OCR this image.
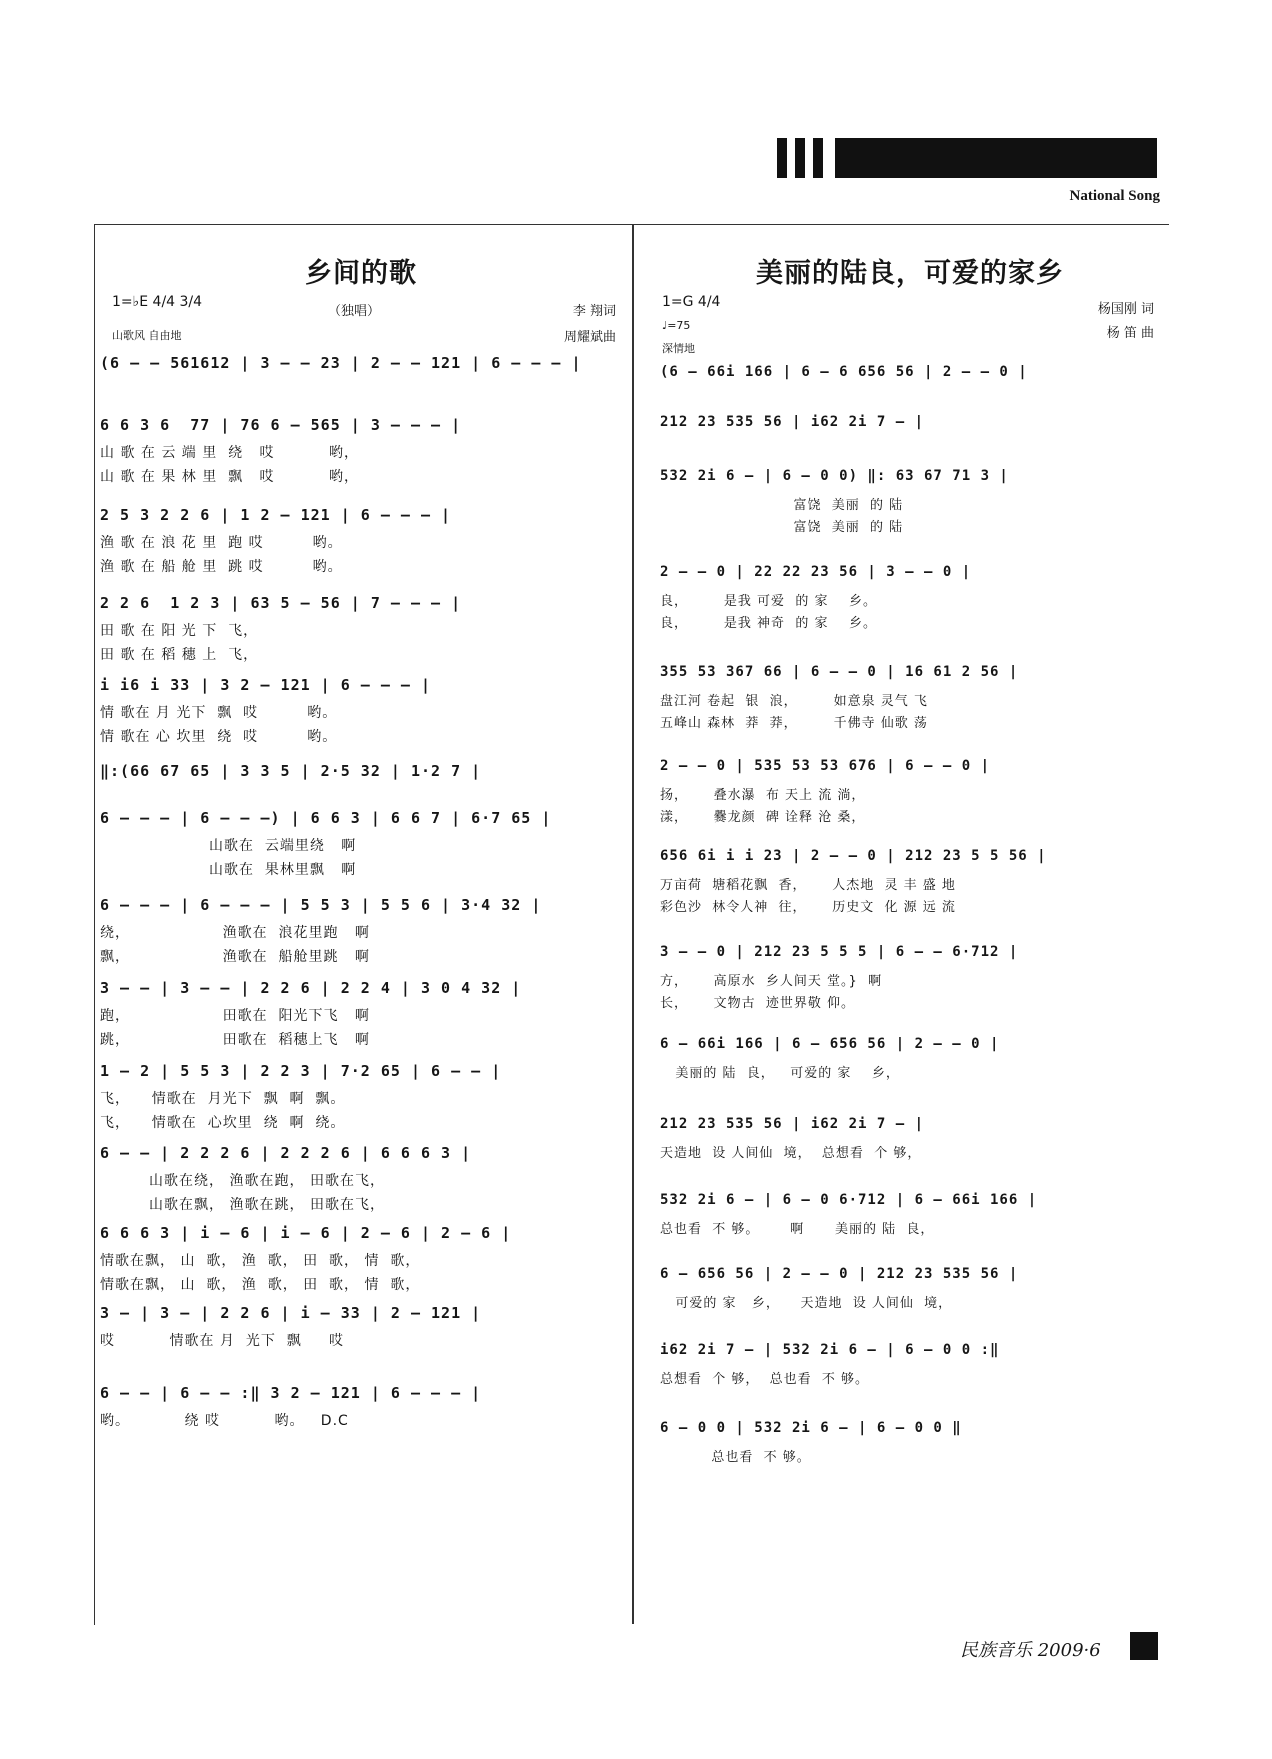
National Song
乡间的歌
1=♭E 4/4 3/4
（独唱）	李 翔词
山歌风 自由地	周耀斌曲
(6 — — 561612 | 3 — — 23 | 2 — — 121 | 6 — — — |
6 6 3 6  77 | 76 6 — 565 | 3 — — — |
山 歌 在 云 端 里  绕   哎          哟，
山 歌 在 果 林 里  飘   哎          哟，
2 5 3 2 2 6 | 1 2 — 121 | 6 — — — |
渔 歌 在 浪 花 里  跑 哎         哟。
渔 歌 在 船 舱 里  跳 哎         哟。
2 2 6  1 2 3 | 63 5 — 56 | 7 — — — |
田 歌 在 阳 光 下  飞，
田 歌 在 稻 穗 上  飞，
i i6 i 33 | 3 2 — 121 | 6 — — — |
情 歌在 月 光下  飘  哎         哟。
情 歌在 心 坎里  绕  哎         哟。
‖:(66 67 65 | 3 3 5 | 2·5 32 | 1·2 7 |
6 — — — | 6 — — —) | 6 6 3 | 6 6 7 | 6·7 65 |
山歌在  云端里绕   啊
山歌在  果林里飘   啊
6 — — — | 6 — — — | 5 5 3 | 5 5 6 | 3·4 32 |
绕，                 渔歌在  浪花里跑   啊
飘，                 渔歌在  船舱里跳   啊
3 — — | 3 — — | 2 2 6 | 2 2 4 | 3 0 4 32 |
跑，                 田歌在  阳光下飞   啊
跳，                 田歌在  稻穗上飞   啊
1 — 2 | 5 5 3 | 2 2 3 | 7·2 65 | 6 — — |
飞，    情歌在  月光下  飘  啊  飘。
飞，    情歌在  心坎里  绕  啊  绕。
6 — — | 2 2 2 6 | 2 2 2 6 | 6 6 6 3 |
山歌在绕， 渔歌在跑， 田歌在飞，
山歌在飘， 渔歌在跳， 田歌在飞，
6 6 6 3 | i — 6 | i — 6 | 2 — 6 | 2 — 6 |
情歌在飘， 山  歌， 渔  歌， 田  歌， 情  歌，
情歌在飘， 山  歌， 渔  歌， 田  歌， 情  歌，
3 — | 3 — | 2 2 6 | i — 33 | 2 — 121 |
哎          情歌在 月  光下  飘     哎
6 — — | 6 — — :‖ 3 2 — 121 | 6 — — — |
哟。          绕 哎          哟。   D.C
美丽的陆良，可爱的家乡
1=G 4/4	杨国刚 词
♩=75
杨 笛 曲
深情地
(6 — 66i 166 | 6 — 6 656 56 | 2 — — 0 |
212 23 535 56 | i62 2i 7 — |
532 2i 6 — | 6 — 0 0) ‖: 63 67 71 3 |
富饶  美丽  的 陆
富饶  美丽  的 陆
2 — — 0 | 22 22 23 56 | 3 — — 0 |
良，       是我 可爱  的 家    乡。
良，       是我 神奇  的 家    乡。
355 53 367 66 | 6 — — 0 | 16 61 2 56 |
盘江河 卷起  银  浪，       如意泉 灵气 飞
五峰山 森林  莽  莽，       千佛寺 仙歌 荡
2 — — 0 | 535 53 53 676 | 6 — — 0 |
扬，     叠水瀑  布 天上 流 淌，
漾，     爨龙颜  碑 诠释 沧 桑，
656 6i i i 23 | 2 — — 0 | 212 23 5 5 56 |
万亩荷  塘稻花飘  香，     人杰地  灵 丰 盛 地
彩色沙  林令人神  往，     历史文  化 源 远 流
3 — — 0 | 212 23 5 5 5 | 6 — — 6·712 |
方，     高原水  乡人间天 堂。}  啊
长，     文物古  迹世界敬 仰。
6 — 66i 166 | 6 — 656 56 | 2 — — 0 |
美丽的 陆  良，   可爱的 家    乡，
212 23 535 56 | i62 2i 7 — |
天造地  设 人间仙  境，  总想看  个 够，
532 2i 6 — | 6 — 0 6·712 | 6 — 66i 166 |
总也看  不 够。      啊      美丽的 陆  良，
6 — 656 56 | 2 — — 0 | 212 23 535 56 |
可爱的 家   乡，    天造地  设 人间仙  境，
i62 2i 7 — | 532 2i 6 — | 6 — 0 0 :‖
总想看  个 够，  总也看  不 够。
6 — 0 0 | 532 2i 6 — | 6 — 0 0 ‖
总也看  不 够。
民族音乐 2009·6
